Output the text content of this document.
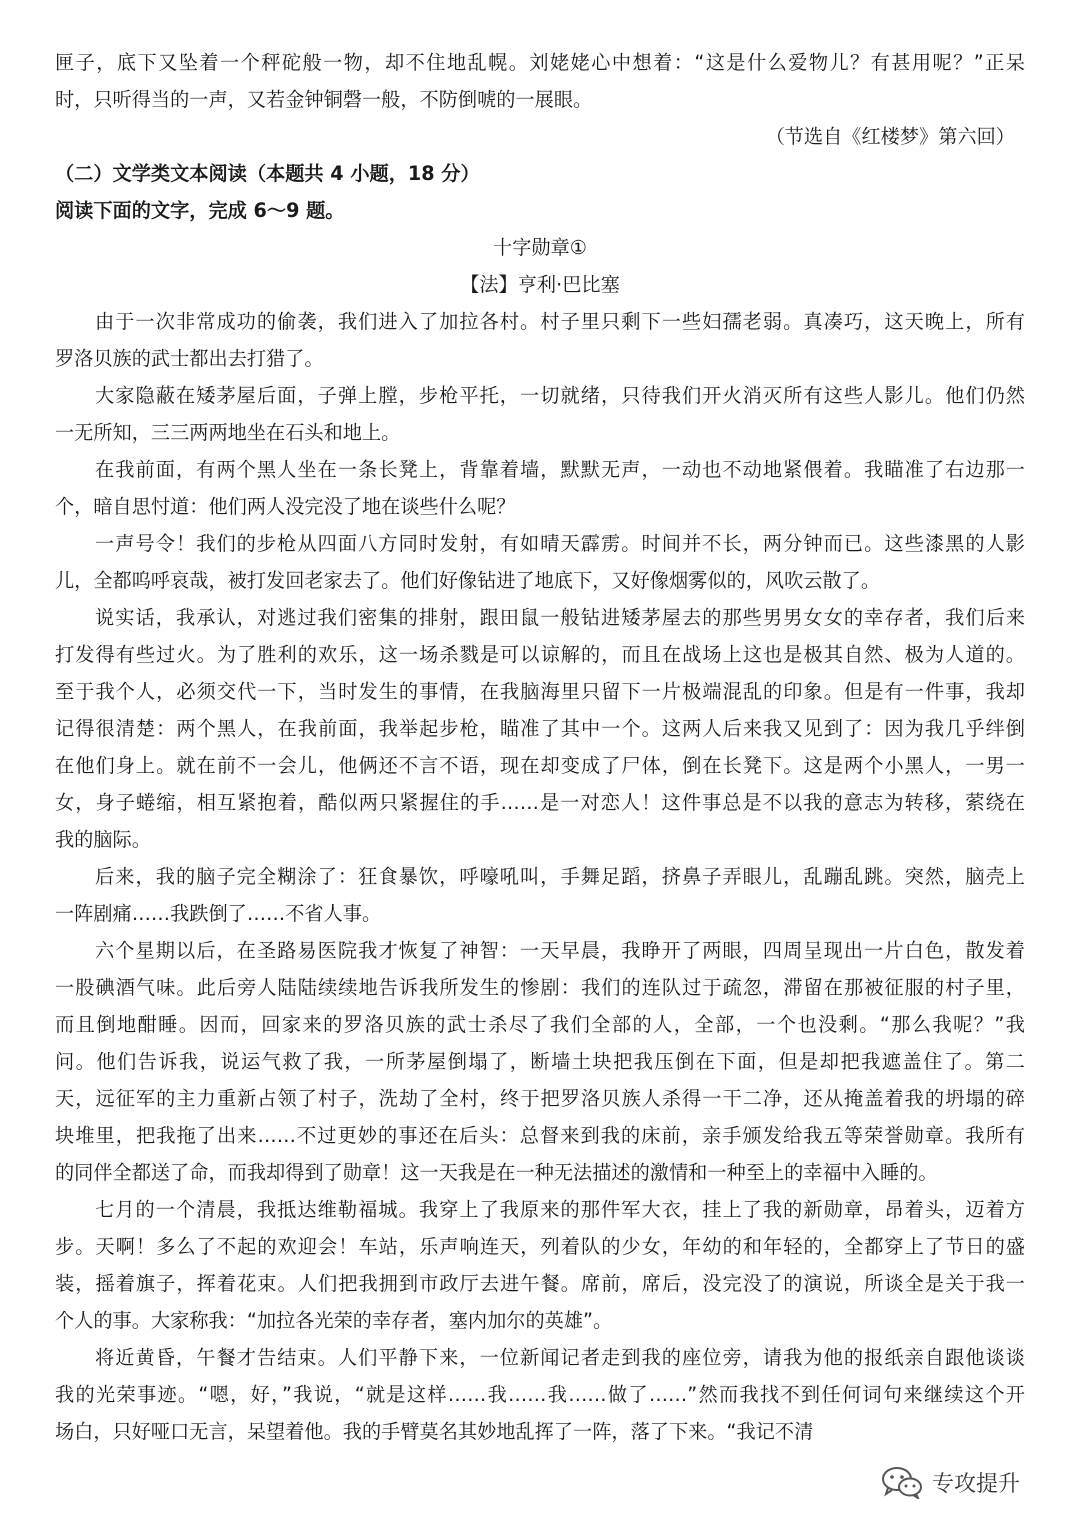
匣子，底下又坠着一个秤砣般一物，却不住地乱幌。刘姥姥心中想着：“这是什么爱物儿？有甚用呢？”正呆
时，只听得当的一声，又若金钟铜磬一般，不防倒唬的一展眼。
（节选自《红楼梦》第六回）
（二）文学类文本阅读（本题共 4 小题，18 分）
阅读下面的文字，完成 6～9 题。
十字勋章①
【法】亨利·巴比塞
由于一次非常成功的偷袭，我们进入了加拉各村。村子里只剩下一些妇孺老弱。真凑巧，这天晚上，所有
罗洛贝族的武士都出去打猎了。
大家隐蔽在矮茅屋后面，子弹上膛，步枪平托，一切就绪，只待我们开火消灭所有这些人影儿。他们仍然
一无所知，三三两两地坐在石头和地上。
在我前面，有两个黑人坐在一条长凳上，背靠着墙，默默无声，一动也不动地紧偎着。我瞄准了右边那一
个，暗自思忖道：他们两人没完没了地在谈些什么呢？
一声号令！我们的步枪从四面八方同时发射，有如晴天霹雳。时间并不长，两分钟而已。这些漆黑的人影
儿，全都呜呼哀哉，被打发回老家去了。他们好像钻进了地底下，又好像烟雾似的，风吹云散了。
说实话，我承认，对逃过我们密集的排射，跟田鼠一般钻进矮茅屋去的那些男男女女的幸存者，我们后来
打发得有些过火。为了胜利的欢乐，这一场杀戮是可以谅解的，而且在战场上这也是极其自然、极为人道的。
至于我个人，必须交代一下，当时发生的事情，在我脑海里只留下一片极端混乱的印象。但是有一件事，我却
记得很清楚：两个黑人，在我前面，我举起步枪，瞄准了其中一个。这两人后来我又见到了：因为我几乎绊倒
在他们身上。就在前不一会儿，他俩还不言不语，现在却变成了尸体，倒在长凳下。这是两个小黑人，一男一
女，身子蜷缩，相互紧抱着，酷似两只紧握住的手……是一对恋人！这件事总是不以我的意志为转移，萦绕在
我的脑际。
后来，我的脑子完全糊涂了：狂食暴饮，呼嚎吼叫，手舞足蹈，挤鼻子弄眼儿，乱蹦乱跳。突然，脑壳上
一阵剧痛……我跌倒了……不省人事。
六个星期以后，在圣路易医院我才恢复了神智：一天早晨，我睁开了两眼，四周呈现出一片白色，散发着
一股碘酒气味。此后旁人陆陆续续地告诉我所发生的惨剧：我们的连队过于疏忽，滞留在那被征服的村子里，
而且倒地酣睡。因而，回家来的罗洛贝族的武士杀尽了我们全部的人，全部，一个也没剩。“那么我呢？”我
问。他们告诉我，说运气救了我，一所茅屋倒塌了，断墙土块把我压倒在下面，但是却把我遮盖住了。第二
天，远征军的主力重新占领了村子，洗劫了全村，终于把罗洛贝族人杀得一干二净，还从掩盖着我的坍塌的碎
块堆里，把我拖了出来……不过更妙的事还在后头：总督来到我的床前，亲手颁发给我五等荣誉勋章。我所有
的同伴全都送了命，而我却得到了勋章！这一天我是在一种无法描述的激情和一种至上的幸福中入睡的。
七月的一个清晨，我抵达维勒福城。我穿上了我原来的那件军大衣，挂上了我的新勋章，昂着头，迈着方
步。天啊！多么了不起的欢迎会！车站，乐声响连天，列着队的少女，年幼的和年轻的，全都穿上了节日的盛
装，摇着旗子，挥着花束。人们把我拥到市政厅去进午餐。席前，席后，没完没了的演说，所谈全是关于我一
个人的事。大家称我：“加拉各光荣的幸存者，塞内加尔的英雄”。
将近黄昏，午餐才告结束。人们平静下来，一位新闻记者走到我的座位旁，请我为他的报纸亲自跟他谈谈
我的光荣事迹。“嗯，好，”我说，“就是这样……我……我……做了……”然而我找不到任何词句来继续这个开
场白，只好哑口无言，呆望着他。我的手臂莫名其妙地乱挥了一阵，落了下来。“我记不清
专攻提升
